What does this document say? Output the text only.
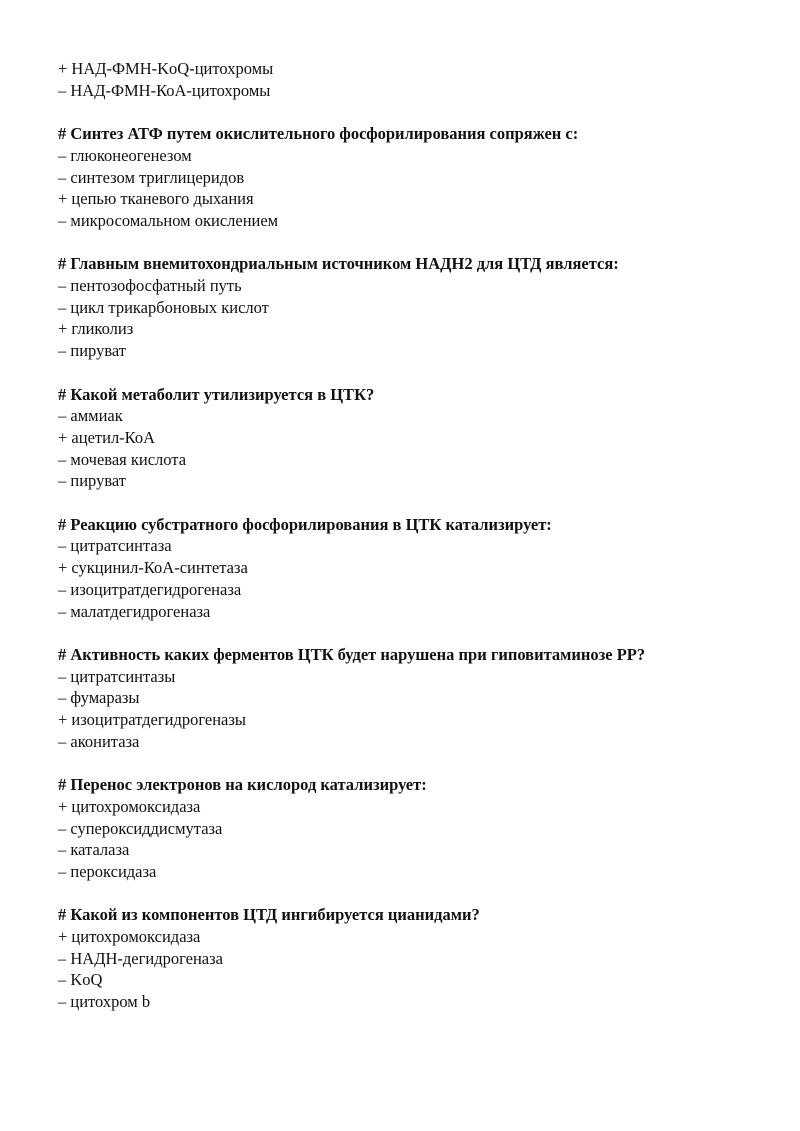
+ НАД-ФМН-KoQ-цитохромы
– НАД-ФМН-КоА-цитохромы
# Синтез АТФ путем окислительного фосфорилирования сопряжен с:
– глюконеогенезом
– синтезом триглицеридов
+ цепью тканевого дыхания
– микросомальном окислением
# Главным внемитохондриальным источником НАДН2 для ЦТД является:
– пентозофосфатный путь
– цикл трикарбоновых кислот
+ гликолиз
– пируват
# Какой метаболит утилизируется в ЦТК?
– аммиак
+ ацетил-КоА
– мочевая кислота
– пируват
# Реакцию субстратного фосфорилирования в ЦТК катализирует:
– цитратсинтаза
+ сукцинил-КоА-синтетаза
– изоцитратдегидрогеназа
– малатдегидрогеназа
# Активность каких ферментов ЦТК будет нарушена при гиповитаминозе РР?
– цитратсинтазы
– фумаразы
+ изоцитратдегидрогеназы
– аконитаза
# Перенос электронов на кислород катализирует:
+ цитохромоксидаза
– супероксиддисмутаза
– каталаза
– пероксидаза
# Какой из компонентов ЦТД ингибируется цианидами?
+ цитохромоксидаза
– НАДН-дегидрогеназа
– KoQ
– цитохром b
